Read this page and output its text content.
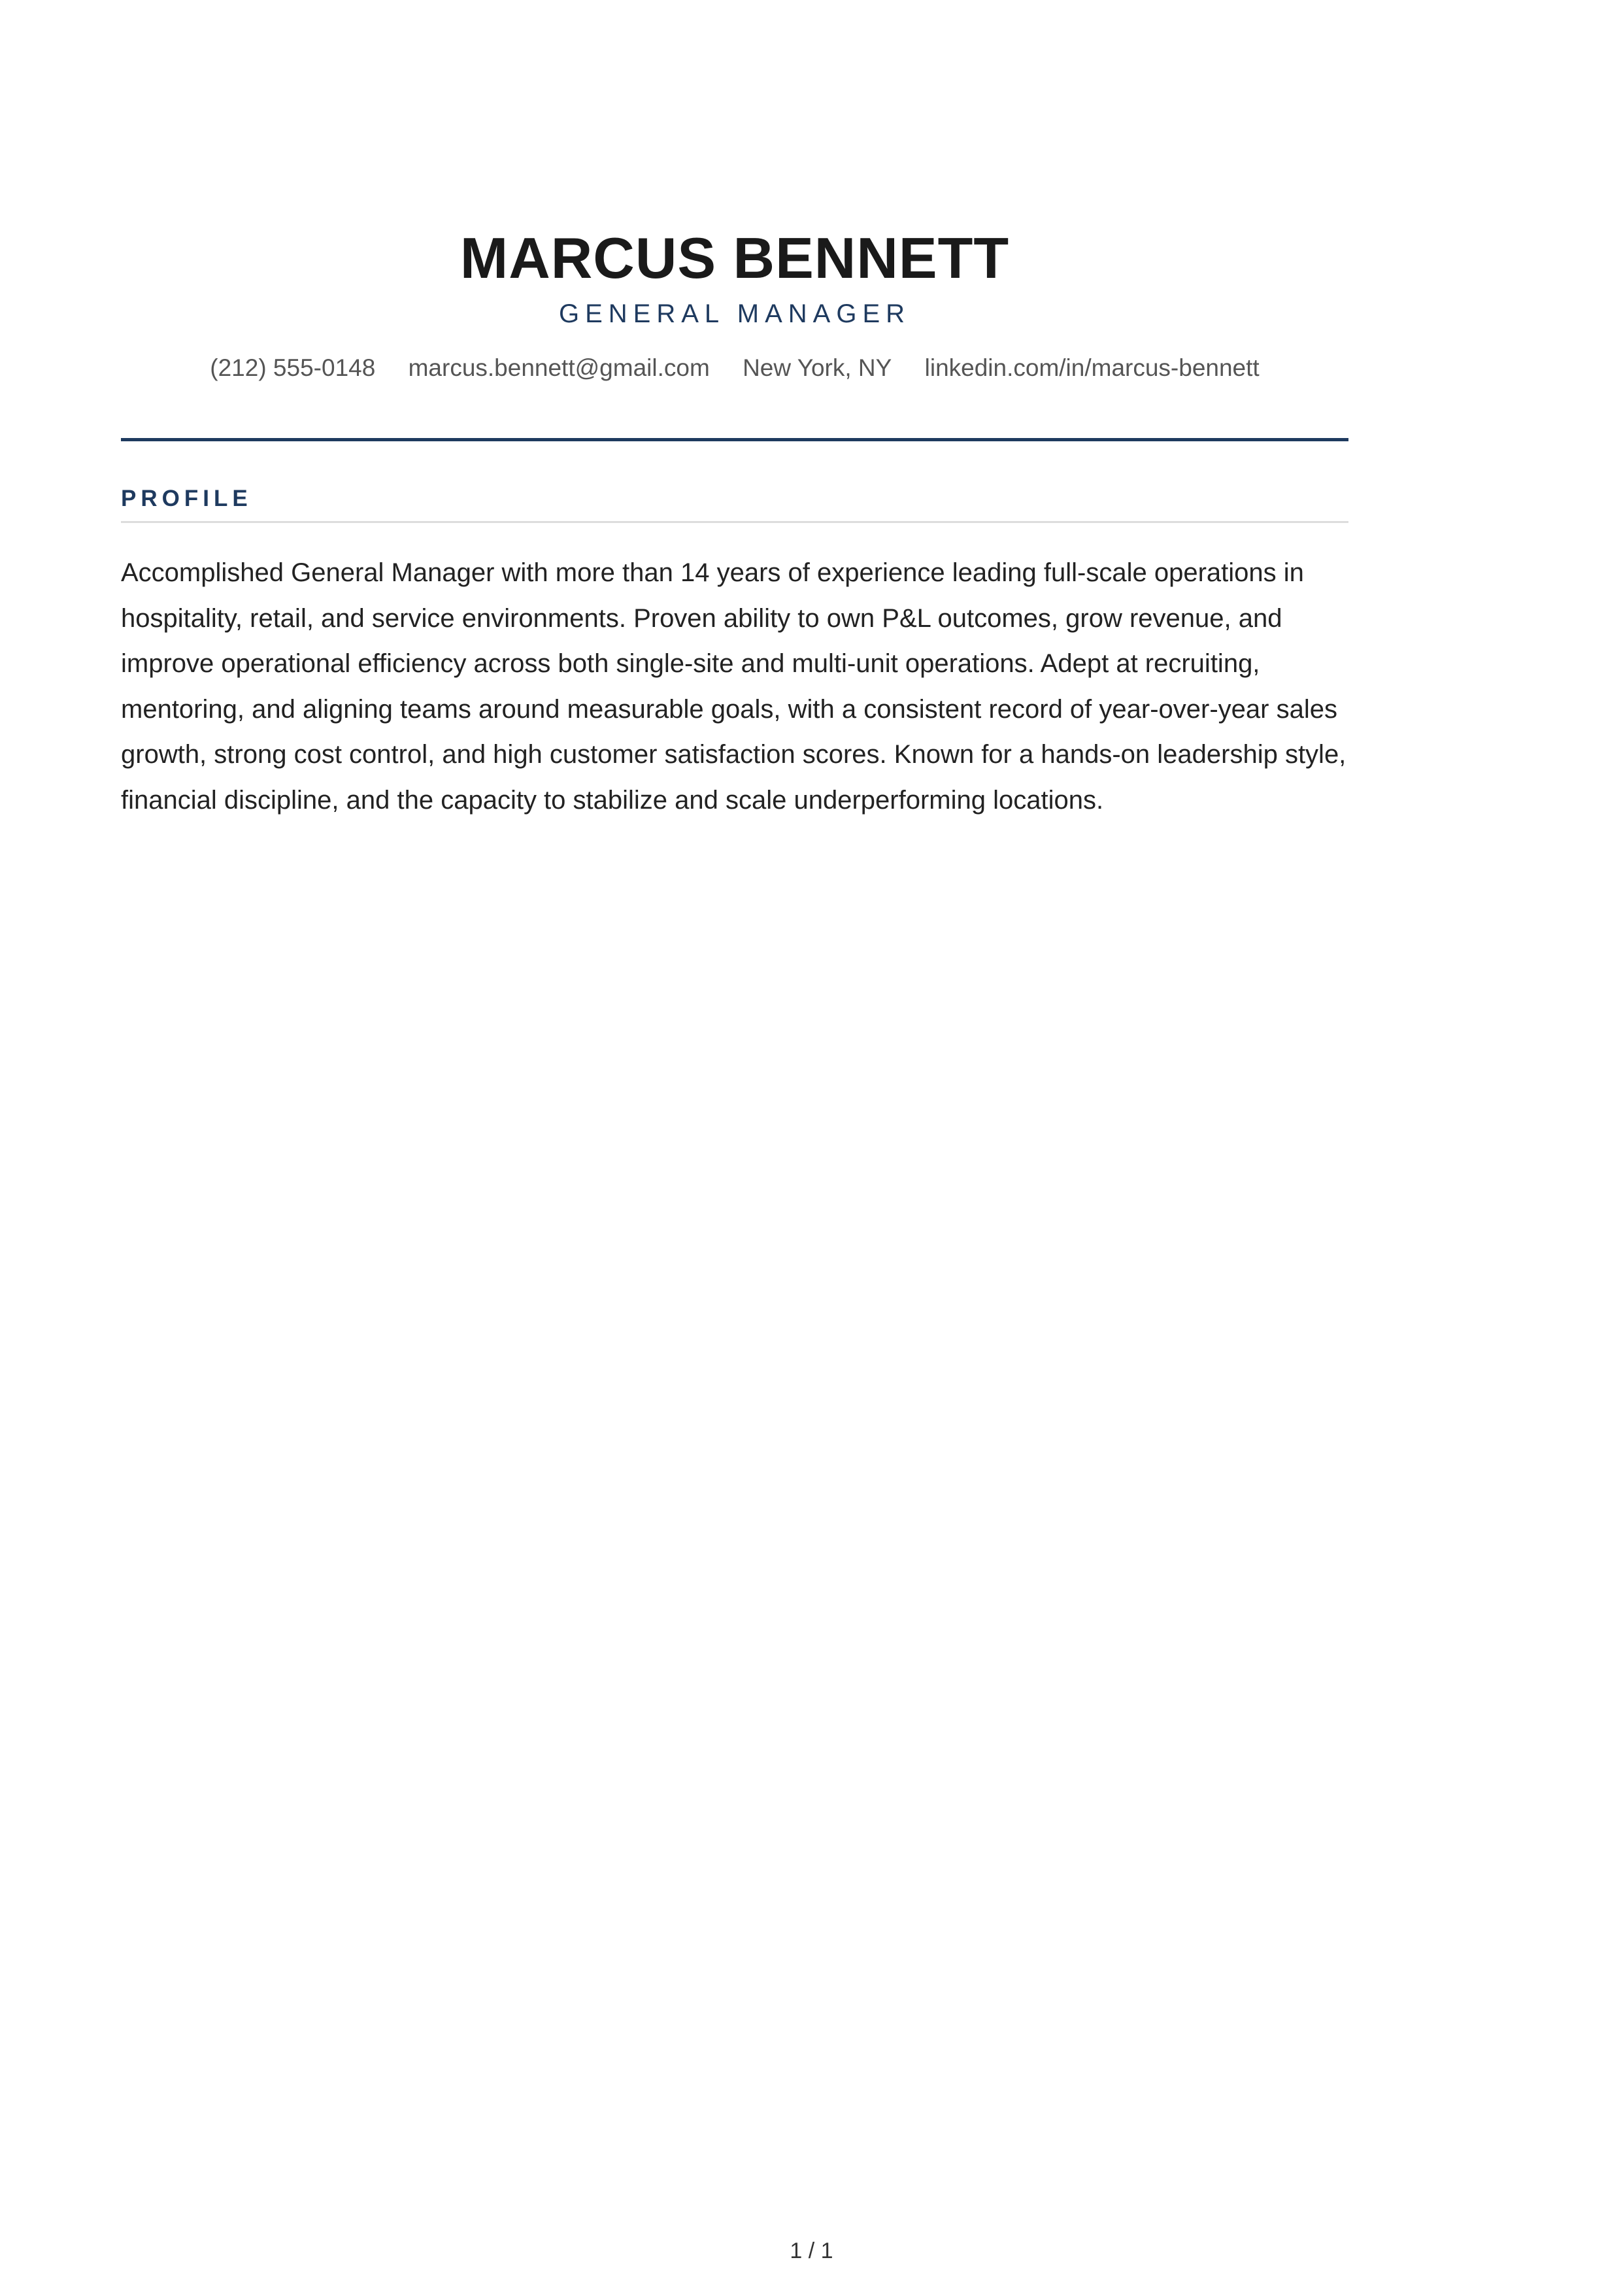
MARCUS BENNETT
GENERAL MANAGER
(212) 555-0148 marcus.bennett@gmail.com New York, NY linkedin.com/in/marcus-bennett
PROFILE

Accomplished General Manager with more than 14 years of experience leading full-scale operations in hospitality, retail, and service environments. Proven ability to own P&L outcomes, grow revenue, and improve operational efficiency across both single-site and multi-unit operations. Adept at recruiting, mentoring, and aligning teams around measurable goals, with a consistent record of year-over-year sales growth, strong cost control, and high customer satisfaction scores. Known for a hands-on leadership style, financial discipline, and the capacity to stabilize and scale underperforming locations.

1 / 1
